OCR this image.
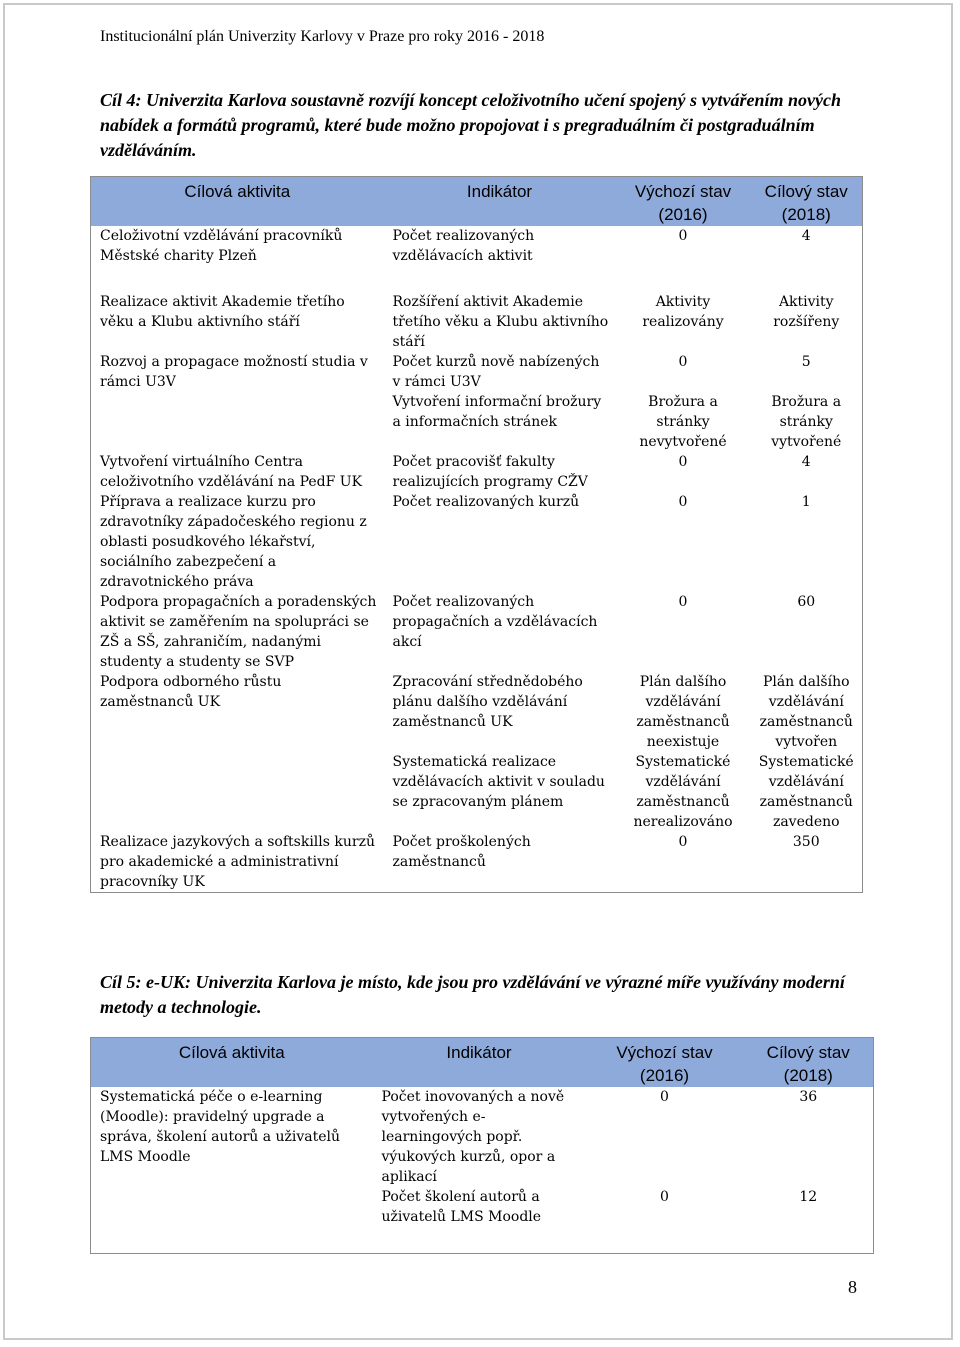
Institucionální plán Univerzity Karlovy v Praze pro roky 2016 - 2018
Cíl 4: Univerzita Karlova soustavně rozvíjí koncept celoživotního učení spojený s vytvářením nových nabídek a formátů programů, které bude možno propojovat i s pregraduálním či postgraduálním vzděláváním.
Cílová aktivita	Indikátor	Výchozí stav (2016)	Cílový stav (2018)
Celoživotní vzdělávání pracovníků Městské charity Plzeň	Počet realizovaných vzdělávacích aktivit	0	4

Realizace aktivit Akademie třetího věku a Klubu aktivního stáří	Rozšíření aktivit Akademie třetího věku a Klubu aktivního stáří	Aktivity realizovány	Aktivity rozšířeny
Rozvoj a propagace možností studia v rámci U3V	Počet kurzů nově nabízených v rámci U3V	0	5
	Vytvoření informační brožury a informačních stránek	Brožura a stránky nevytvořené	Brožura a stránky vytvořené
Vytvoření virtuálního Centra celoživotního vzdělávání na PedF UK	Počet pracovišť fakulty realizujících programy CŽV	0	4
Příprava a realizace kurzu pro zdravotníky západočeského regionu z oblasti posudkového lékařství, sociálního zabezpečení a zdravotnického práva	Počet realizovaných kurzů	0	1
Podpora propagačních a poradenských aktivit se zaměřením na spolupráci se ZŠ a SŠ, zahraničím, nadanými studenty a studenty se SVP	Počet realizovaných propagačních a vzdělávacích akcí	0	60
Podpora odborného růstu zaměstnanců UK	Zpracování střednědobého plánu dalšího vzdělávání zaměstnanců UK	Plán dalšího vzdělávání zaměstnanců neexistuje	Plán dalšího vzdělávání zaměstnanců vytvořen
	Systematická realizace vzdělávacích aktivit v souladu se zpracovaným plánem	Systematické vzdělávání zaměstnanců nerealizováno	Systematické vzdělávání zaměstnanců zavedeno
Realizace jazykových a softskills kurzů pro akademické a administrativní pracovníky UK	Počet proškolených zaměstnanců	0	350
Cíl 5: e-UK: Univerzita Karlova je místo, kde jsou pro vzdělávání ve výrazné míře využívány moderní metody a technologie.
Cílová aktivita	Indikátor	Výchozí stav (2016)	Cílový stav (2018)
Systematická péče o e-learning (Moodle): pravidelný upgrade a správa, školení autorů a uživatelů LMS Moodle	Počet inovovaných a nově vytvořených e-learningových popř. výukových kurzů, opor a aplikací	0	36
	Počet školení autorů a uživatelů LMS Moodle	0	12

8
